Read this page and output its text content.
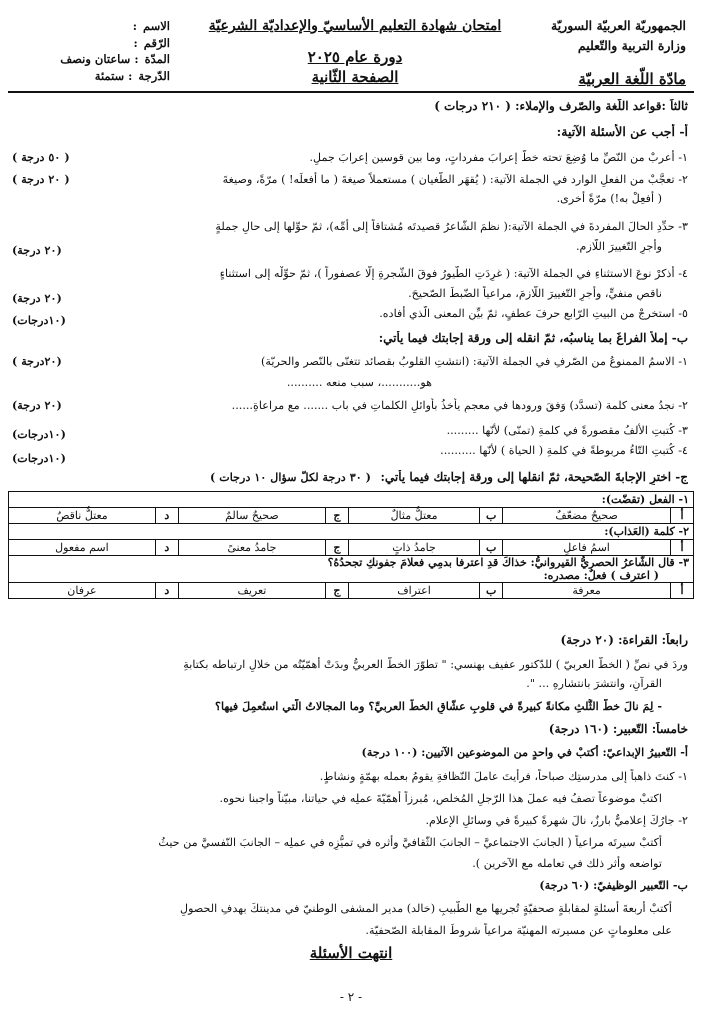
الجمهوريّة العربيّة السوريّة
وزارة التربية والتّعليم
امتحان شهادة التعليم الأساسيّ والإعداديّة الشرعيّة
دورة عام ٢٠٢٥
الصفحة الثّانية
الاسم
:
الرّقم
:
المدّة
: ساعتان ونصف
الدّرجة
: ستمئة	مادّة اللّغة العربيّة
ثالثاً :قواعد اللّغة والصّرف والإملاء: ( ٢١٠ درجات )
أ- أجب عن الأسئلة الآتية:
١- أعربْ من النّصِّ ما وُضِعَ تحته خطٌّ إعرابَ مفرداتٍ، وما بين قوسين إعرابَ جملٍ.
( ٥٠ درجة )
٢- تعجَّبْ من الفعلِ الوارد في الجملة الآتية: ( يُقهَر الطّغيان ) مستعملاً صيغةَ ( ما أفعلَه! ) مرّةً، وصيغةَ
( ٢٠ درجة )
( أفعِلْ به!) مرّةً أخرى.
٣- حدِّدِ الحالَ المفردةَ في الجملة الآتية:( نظمَ الشّاعرُ قصيدتَه مُشتاقاً إلى أمِّه)، ثمّ حوِّلها إلى حالِ جملةٍ
وأجرِ التّغييرَ اللّازم.
(٢٠ درجة)
٤- أذكرْ نوعَ الاستثناءِ في الجملة الآتية: ( غرِدَتِ الطّيورُ فوقَ الشّجرةِ إلّا عصفوراً )، ثمّ حوِّلْه إلى استثناءٍ
ناقصٍ منفيٍّ، وأجرِ التّغييرَ اللّازمَ، مراعياً الضّبطَ الصّحيحَ.
(٢٠ درجة)
٥- استخرجْ من البيتِ الرّابعِ حرفَ عطفٍ، ثمّ بيِّنِ المعنى الّذي أفاده.
(١٠درجات)
ب- إملأ الفراغَ بما يناسبُه، ثمّ انقله إلى ورقة إجابتك فيما يأتي:
١- الاسمُ الممنوعُ من الصّرفِ في الجملة الآتية: (انتشتِ القلوبُ بقصائد تتغنّى بالنّصر والحريّة)
(٢٠درجة )
هو...........، سبب منعه ..........
٢- نجدُ معنى كلمة (تسدَّد) وَفقَ ورودها في معجمٍ يأخذُ بأوائلِ الكلماتِ في باب ....... مع مراعاةِ......
(٢٠ درجة)
٣- كُتبتِ الألفُ مقصورةً في كلمةِ (تمنّى) لأنّها .........
(١٠درجات)
٤- كُتبتِ التّاءُ مربوطةً في كلمةِ ( الحياة ) لأنّها ..........
(١٠درجات)
ج- اخترِ الإجابةَ الصّحيحة، ثمّ انقلها إلى ورقة إجابتك فيما يأتي:
( ٣٠ درجة لكلّ سؤال ١٠ درجات )
١- الفعل (تقضّت):							
أ	صحيحٌ مضعّفٌ	ب	معتلٌّ مثالٌ	ج	صحيحٌ سالمٌ	د	معتلٌّ ناقصٌ
٢- كلمة (العَذاب):							
أ	اسمُ فاعلٍ	ب	جامدُ ذاتٍ	ج	جامدُ معنىً	د	اسم مفعول

٣- قال الشّاعرُ الحصريُّ القيروانيُّ: خذاكَ قدِ اعترفا بدمِي فعلامَ جفونكِ تجحدُهُ؟
( اعترف ) فعلٌ: مصدره:							

أ	معرفة	ب	اعتراف	ج	تعريف	د	عرفان
رابعاً: القراءة: (٢٠ درجة)
وردَ في نصِّ ( الخطّ العربيّ ) للدّكتور عفيف بهنسي: " تطوّرَ الخطُّ العربيُّ وبدَتْ أهمّيّتُه من خلالِ ارتباطه بكتابةِ
القرآنِ، وانتشرَ بانتشارهِ ... ".
- لِمَ نالَ خطُّ الثُّلثِ مكانةً كبيرةً في قلوبِ عشّاقِ الخطِّ العربيِّ؟ وما المجالاتُ الّتي استُعمِلَ فيها؟
خامساً: التّعبير: (١٦٠ درجة)
أ- التّعبيرُ الإبداعيّ: أكتبْ في واحدٍ من الموضوعين الآتيين: (١٠٠ درجة)
١- كنتَ ذاهباً إلى مدرستِك صباحاً، فرأيتَ عاملَ النّظافةِ يقومُ بعمله بهمّةٍ ونشاطٍ.
اكتبْ موضوعاً تصفُ فيه عملَ هذا الرّجلِ المُخلصِ، مُبرزاً أهمّيّةَ عملِه في حياتنا، مبيّناً واجبنا نحوه.
٢- جارُكَ إعلاميٌّ بارزٌ، نالَ شهرةً كبيرةً في وسائلِ الإعلامِ.
أكتبْ سيرتَه مراعياً ( الجانبَ الاجتماعيَّ – الجانبَ الثّقافيَّ وأثره في تميُّزِه في عملِه – الجانبَ النّفسيَّ من حيثُ
تواضعه وأثر ذلك في تعامله مع الآخرين ).
ب- التّعبير الوظيفيّ: (٦٠ درجة)
أكتبْ أربعةَ أسئلةٍ لمقابلةٍ صحفيّةٍ تُجريها مع الطّبيبِ (خالد) مدير المشفى الوطنيّ في مدينتكَ بهدفِ الحصولِ
على معلوماتٍ عن مسيرته المهنيّة مراعياً شروطَ المقابلة الصّحفيّة.
انتهت الأسئلة
- ٢ -
